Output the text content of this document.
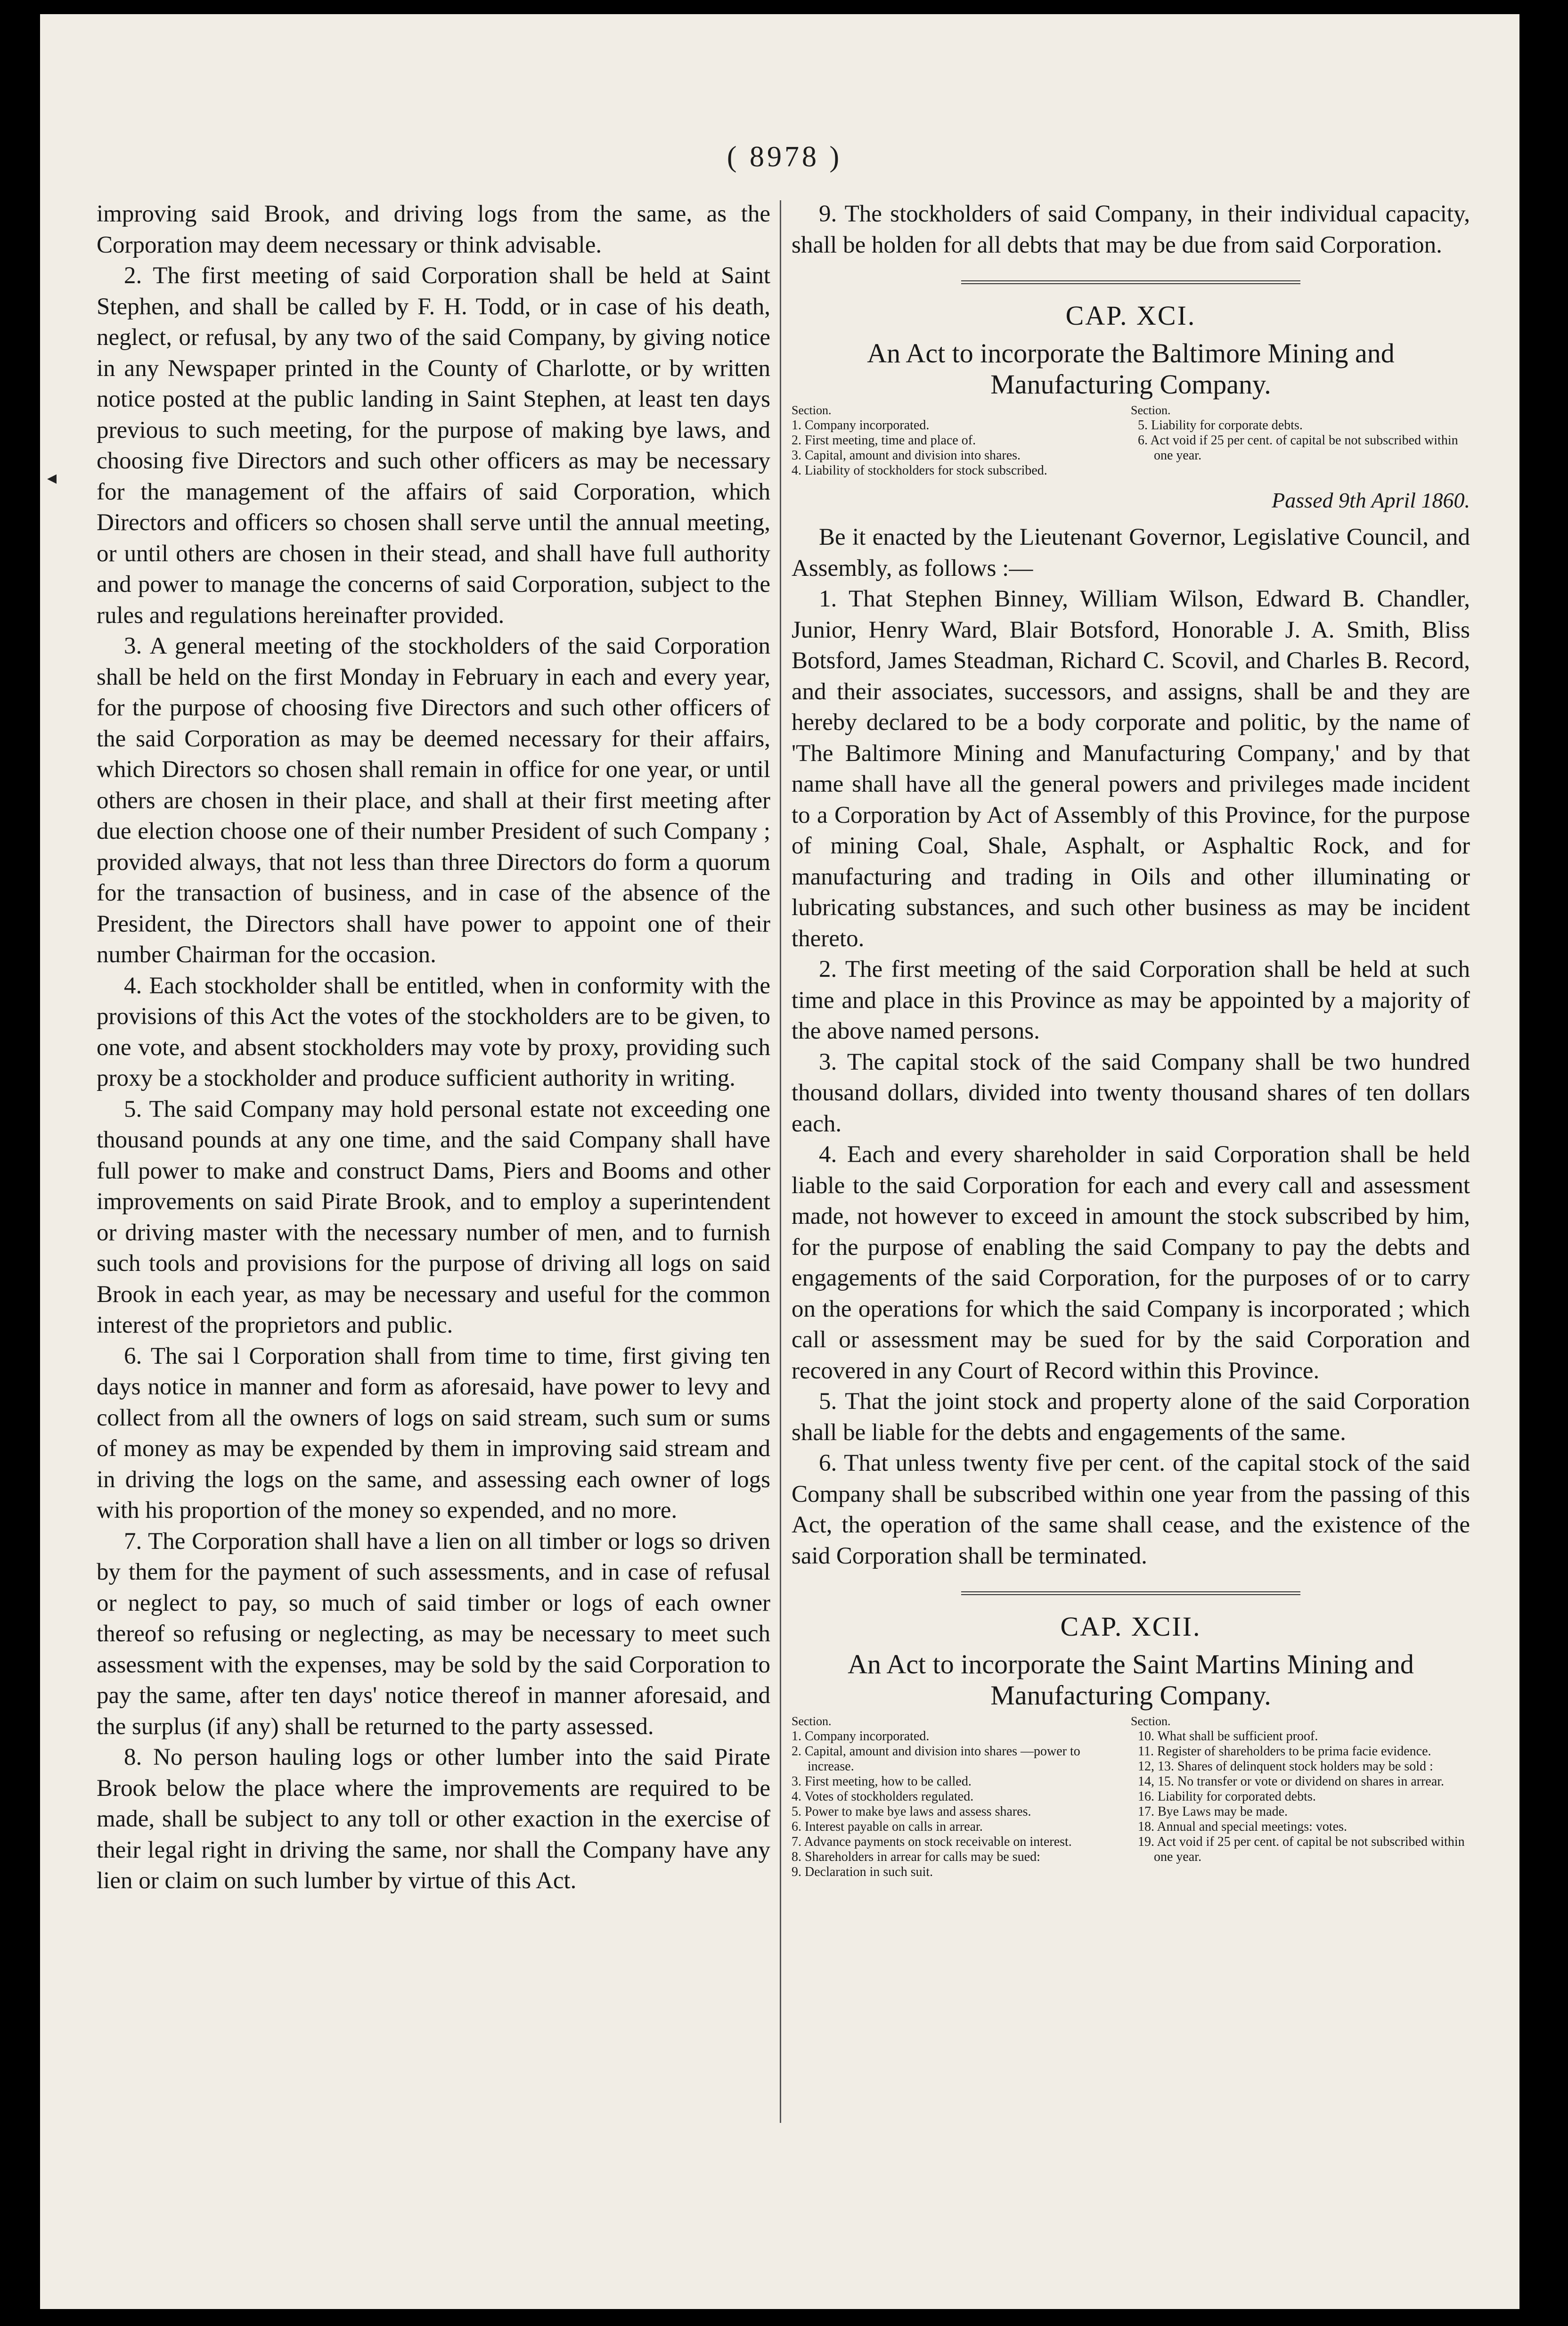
◂
( 8978 )

improving said Brook, and driving logs from the same, as the Corporation may deem necessary or think advisable.

2. The first meeting of said Corporation shall be held at Saint Stephen, and shall be called by F. H. Todd, or in case of his death, neglect, or refusal, by any two of the said Company, by giving notice in any Newspaper printed in the County of Charlotte, or by written notice posted at the public landing in Saint Stephen, at least ten days previous to such meeting, for the purpose of making bye laws, and choosing five Directors and such other officers as may be necessary for the management of the affairs of said Corporation, which Directors and officers so chosen shall serve until the annual meeting, or until others are chosen in their stead, and shall have full authority and power to manage the concerns of said Corporation, subject to the rules and regulations hereinafter provided.

3. A general meeting of the stockholders of the said Corporation shall be held on the first Monday in February in each and every year, for the purpose of choosing five Directors and such other officers of the said Corporation as may be deemed necessary for their affairs, which Directors so chosen shall remain in office for one year, or until others are chosen in their place, and shall at their first meeting after due election choose one of their number President of such Company ; provided always, that not less than three Directors do form a quorum for the transaction of business, and in case of the absence of the President, the Directors shall have power to appoint one of their number Chairman for the occasion.

4. Each stockholder shall be entitled, when in conformity with the provisions of this Act the votes of the stockholders are to be given, to one vote, and absent stockholders may vote by proxy, providing such proxy be a stockholder and produce sufficient authority in writing.

5. The said Company may hold personal estate not exceeding one thousand pounds at any one time, and the said Company shall have full power to make and construct Dams, Piers and Booms and other improvements on said Pirate Brook, and to employ a superintendent or driving master with the necessary number of men, and to furnish such tools and provisions for the purpose of driving all logs on said Brook in each year, as may be necessary and useful for the common interest of the proprietors and public.

6. The sai l Corporation shall from time to time, first giving ten days notice in manner and form as aforesaid, have power to levy and collect from all the owners of logs on said stream, such sum or sums of money as may be expended by them in improving said stream and in driving the logs on the same, and assessing each owner of logs with his proportion of the money so expended, and no more.

7. The Corporation shall have a lien on all timber or logs so driven by them for the payment of such assessments, and in case of refusal or neglect to pay, so much of said timber or logs of each owner thereof so refusing or neglecting, as may be necessary to meet such assessment with the expenses, may be sold by the said Corporation to pay the same, after ten days' notice thereof in manner aforesaid, and the surplus (if any) shall be returned to the party assessed.

8. No person hauling logs or other lumber into the said Pirate Brook below the place where the improvements are required to be made, shall be subject to any toll or other exaction in the exercise of their legal right in driving the same, nor shall the Company have any lien or claim on such lumber by virtue of this Act.

9. The stockholders of said Company, in their individual capacity, shall be holden for all debts that may be due from said Corporation.

CAP. XCI.
An Act to incorporate the Baltimore Mining and Manufacturing Company.
Section.	Section.
1. Company incorporated.
2. First meeting, time and place of.
3. Capital, amount and division into shares.
4. Liability of stockholders for stock subscribed.
5. Liability for corporate debts.
6. Act void if 25 per cent. of capital be not subscribed within one year.
Passed 9th April 1860.

Be it enacted by the Lieutenant Governor, Legislative Council, and Assembly, as follows :—

1. That Stephen Binney, William Wilson, Edward B. Chandler, Junior, Henry Ward, Blair Botsford, Honorable J. A. Smith, Bliss Botsford, James Steadman, Richard C. Scovil, and Charles B. Record, and their associates, successors, and assigns, shall be and they are hereby declared to be a body corporate and politic, by the name of 'The Baltimore Mining and Manufacturing Company,' and by that name shall have all the general powers and privileges made incident to a Corporation by Act of Assembly of this Province, for the purpose of mining Coal, Shale, Asphalt, or Asphaltic Rock, and for manufacturing and trading in Oils and other illuminating or lubricating substances, and such other business as may be incident thereto.

2. The first meeting of the said Corporation shall be held at such time and place in this Province as may be appointed by a majority of the above named persons.

3. The capital stock of the said Company shall be two hundred thousand dollars, divided into twenty thousand shares of ten dollars each.

4. Each and every shareholder in said Corporation shall be held liable to the said Corporation for each and every call and assessment made, not however to exceed in amount the stock subscribed by him, for the purpose of enabling the said Company to pay the debts and engagements of the said Corporation, for the purposes of or to carry on the operations for which the said Company is incorporated ; which call or assessment may be sued for by the said Corporation and recovered in any Court of Record within this Province.

5. That the joint stock and property alone of the said Corporation shall be liable for the debts and engagements of the same.

6. That unless twenty five per cent. of the capital stock of the said Company shall be subscribed within one year from the passing of this Act, the operation of the same shall cease, and the existence of the said Corporation shall be terminated.

CAP. XCII.
An Act to incorporate the Saint Martins Mining and Manufacturing Company.
Section.	Section.
1. Company incorporated.
2. Capital, amount and division into shares —power to increase.
3. First meeting, how to be called.
4. Votes of stockholders regulated.
5. Power to make bye laws and assess shares.
6. Interest payable on calls in arrear.
7. Advance payments on stock receivable on interest.
8. Shareholders in arrear for calls may be sued:
9. Declaration in such suit.
10. What shall be sufficient proof.
11. Register of shareholders to be prima facie evidence.
12, 13. Shares of delinquent stock holders may be sold :
14, 15. No transfer or vote or dividend on shares in arrear.
16. Liability for corporated debts.
17. Bye Laws may be made.
18. Annual and special meetings: votes.
19. Act void if 25 per cent. of capital be not subscribed within one year.
